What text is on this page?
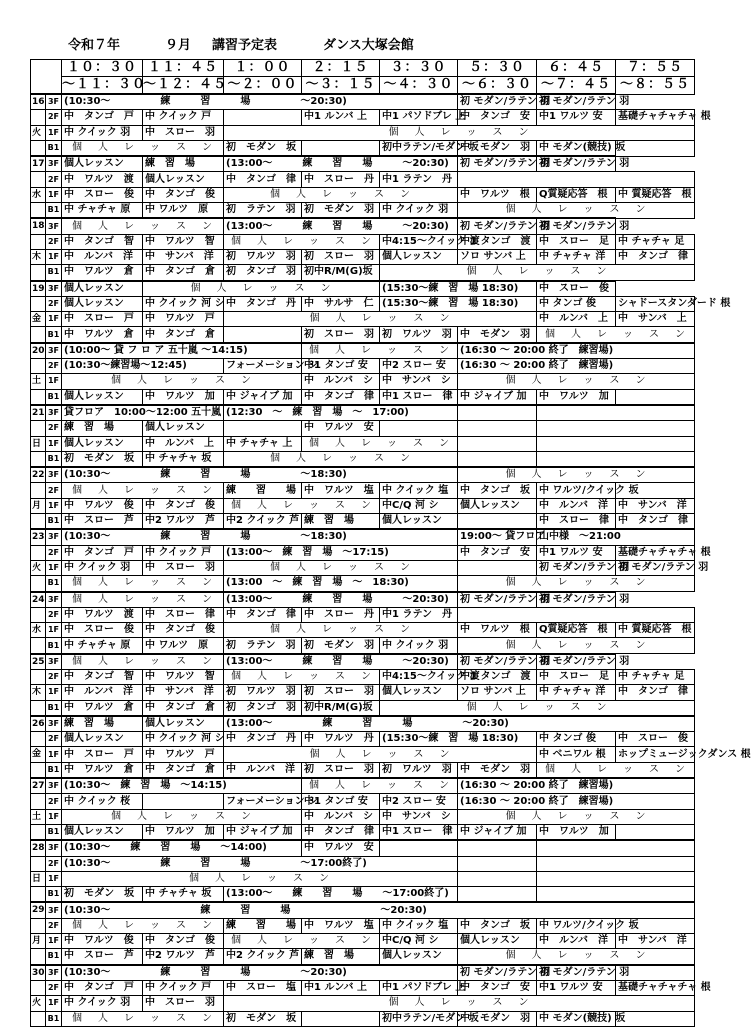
令和７年	９月 講習予定表	ダンス大塚会館
		１０：３０	１１：４５	１：００	２：１５	３：３０	５：３０	６：４５	７：５５
		～１１：３０	～１２：４５	～２：００	～３：１５	～４：３０	～６：３０	～７：４５	～８：５５
16	3F	(10:30～　　　　　練　　　習　　　場　　　　　～20:30)					初 モダン/ラテン 羽	初 モダン/ラテン 羽	
	2F	中　タンゴ　戸	中 クイック 戸		中1 ルンバ 上	中1 パソドブレ 上	中　タンゴ　安	中1 ワルツ 安	基礎チャチャチャ 根
火	1F	中 クイック 羽	中　スロー　羽	個　人　レ　ッ　ス　ン					
	B1	個　人　レ　ッ　ス　ン		初　モダン　坂		初中ラテン/モダン 坂	中　モダン　羽	中 モダン(競技) 坂	
17	3F	個人レッスン	練　習　場	(13:00～　　　練　　習　　場　　　～20:30)			初 モダン/ラテン 羽	初 モダン/ラテン 羽	
	2F	中　ワルツ　渡	個人レッスン	中　タンゴ　律	中　スロー　丹	中1 ラテン　丹			
水	1F	中　スロー　俊	中　タンゴ　俊	個　人　レ　ッ　ス　ン			中　ワルツ　根	Q質疑応答　根	中 質疑応答　根
	B1	中 チャチャ 原	中 ワルツ　原	初　ラテン　羽	初　モダン　羽	中 クイック 羽	個　人　レ　ッ　ス　ン		
18	3F	個　人　レ　ッ　ス　ン		(13:00～　　　練　　習　　場　　　～20:30)			初 モダン/ラテン 羽	初 モダン/ラテン 羽	
	2F	中　タンゴ　智	中　ワルツ　智	個　人　レ　ッ　ス　ン		中4:15～クイック 渡	中1 タンゴ　渡	中　スロー　足	中 チャチャ 足
木	1F	中　ルンバ　洋	中　サンバ　洋	初　ワルツ　羽	初　スロー　羽	個人レッスン	ソロ サンバ 上	中 チャチャ 洋	中　タンゴ　律
	B1	中　ワルツ　倉	中　タンゴ　倉	初　タンゴ　羽	初中R/M(G)坂	個　人　レ　ッ　ス　ン			
19	3F	個人レッスン	個　人　レ　ッ　ス　ン			(15:30～練　習　場 18:30)		中　スロー　俊	
	2F	個人レッスン	中 クイック 河 シ	中　タンゴ　丹	中　サルサ　仁	(15:30～練　習　場 18:30)		中 タンゴ 俊	シャドースタンダード 根
金	1F	中　スロー　戸	中　ワルツ　戸	個　人　レ　ッ　ス　ン				中　ルンバ　上	中　サンバ　上
	B1	中　ワルツ　倉	中　タンゴ　倉		初　スロー　羽	初　ワルツ　羽	中　モダン　羽	個　人　レ　ッ　ス　ン	
20	3F	(10:00～ 貸 フ ロ ア 五十嵐 ～14:15)			個　人　レ　ッ　ス　ン		(16:30 ～ 20:00 終了　練習場)		
	2F	(10:30～練習場～12:45)		フォーメーション シ	中1 タンゴ 安	中2 スロー 安	(16:30 ～ 20:00 終了　練習場)		
土	1F	個　人　レ　ッ　ス　ン			中　ルンバ　シ	中　サンバ　シ	個　人　レ　ッ　ス　ン		
	B1	個人レッスン	中　ワルツ　加	中 ジャイブ 加	中　タンゴ　律	中1 スロー　律	中 ジャイブ 加	中　ワルツ　加	
21	3F	貸フロア　10:00～12:00 五十嵐		(12:30　～　練　習　場　～　17:00)					
	2F	練　習　場	個人レッスン		中　ワルツ　安				
日	1F	個人レッスン	中　ルンバ　上	中 チャチャ 上	個　人　レ　ッ　ス　ン				
	B1	初　モダン　坂	中 チャチャ 坂	個　人　レ　ッ　ス　ン					
22	3F	(10:30～　　　　　練　　　習　　　場　　　　　～18:30)					個　人　レ　ッ　ス　ン		
	2F	個　人　レ　ッ　ス　ン		練　　習　　場	中　ワルツ　塩	中 クイック 塩	中　タンゴ　坂	中 ワルツ/クイック 坂	
月	1F	中　ワルツ　俊	中　タンゴ　俊	個　人　レ　ッ　ス　ン		中C/Q 河 シ	個人レッスン	中　ルンバ　洋	中　サンバ　洋
	B1	中　スロー　芦	中2 ワルツ　芦	中2 クイック 芦	練　習　場	個人レッスン		中　スロー　律	中　タンゴ　律
23	3F	(10:30～　　　　　練　　　習　　　場　　　　　～18:30)					19:00～ 貸フロア	山中様　～21:00	
	2F	中　タンゴ　戸	中 クイック 戸	(13:00～　練　習　場　～17:15)			中　タンゴ　安	中1 ワルツ 安	基礎チャチャチャ 根
火	1F	中 クイック 羽	中　スロー　羽	個　人　レ　ッ　ス　ン				初 モダン/ラテン 羽	初 モダン/ラテン 羽
	B1	個　人　レ　ッ　ス　ン		(13:00　～　練　習　場　～　18:30)			個　人　レ　ッ　ス　ン		
24	3F	個　人　レ　ッ　ス　ン		(13:00～　　　練　　習　　場　　　～20:30)			初 モダン/ラテン 羽	初 モダン/ラテン 羽	
	2F	中　ワルツ　渡	中　スロー　律	中　タンゴ　律	中　スロー　丹	中1 ラテン　丹			
水	1F	中　スロー　俊	中　タンゴ　俊	個　人　レ　ッ　ス　ン			中　ワルツ　根	Q質疑応答　根	中 質疑応答　根
	B1	中 チャチャ 原	中 ワルツ　原	初　ラテン　羽	初　モダン　羽	中 クイック 羽	個　人　レ　ッ　ス　ン		
25	3F	個　人　レ　ッ　ス　ン		(13:00～　　　練　　習　　場　　　～20:30)			初 モダン/ラテン 羽	初 モダン/ラテン 羽	
	2F	中　タンゴ　智	中　ワルツ　智	個　人　レ　ッ　ス　ン		中4:15～クイック 渡	中1 タンゴ　渡	中　スロー　足	中 チャチャ 足
木	1F	中　ルンバ　洋	中　サンバ　洋	初　ワルツ　羽	初　スロー　羽	個人レッスン	ソロ サンバ 上	中 チャチャ 洋	中　タンゴ　律
	B1	中　ワルツ　倉	中　タンゴ　倉	初　タンゴ　羽	初中R/M(G)坂	個　人　レ　ッ　ス　ン			
26	3F	練　習　場	個人レッスン	(13:00～　　　　　練　　　習　　　場　　　　　～20:30)					
	2F	個人レッスン	中 クイック 河 シ	中　タンゴ　丹	中　ワルツ　丹	(15:30～練　習　場 18:30)		中 タンゴ 俊	中　スロー　俊
金	1F	中　スロー　戸	中　ワルツ　戸	個　人　レ　ッ　ス　ン				中 ベニワル 根	ホップミュージックダンス 根
	B1	中　ワルツ　倉	中　タンゴ　倉	中　ルンバ　洋	初　スロー　羽	初　ワルツ　羽	中　モダン　羽	個　人　レ　ッ　ス　ン	
27	3F	(10:30～　練　習　場　～14:15)			個　人　レ　ッ　ス　ン		(16:30 ～ 20:00 終了　練習場)		
	2F	中 クイック 桜		フォーメーション シ	中1 タンゴ 安	中2 スロー 安	(16:30 ～ 20:00 終了　練習場)		
土	1F	個　人　レ　ッ　ス　ン			中　ルンバ　シ	中　サンバ　シ	個　人　レ　ッ　ス　ン		
	B1	個人レッスン	中　ワルツ　加	中 ジャイブ 加	中　タンゴ　律	中1 スロー　律	中 ジャイブ 加	中　ワルツ　加	
28	3F	(10:30～　　練　　習　　場　　～14:00)			中　ワルツ　安				
	2F	(10:30～　　　　　練　　　習　　　場　　　　　～17:00終了)							
日	1F	個　人　レ　ッ　ス　ン							
	B1	初　モダン　坂	中 チャチャ 坂	(13:00～　　練　　習　　場　　～17:00終了)					
29	3F	(10:30～　　　　　　　　　練　　　習　　　場　　　　　　　　　～20:30)							
	2F	個　人　レ　ッ　ス　ン		練　　習　　場	中　ワルツ　塩	中 クイック 塩	中　タンゴ　坂	中 ワルツ/クイック 坂	
月	1F	中　ワルツ　俊	中　タンゴ　俊	個　人　レ　ッ　ス　ン		中C/Q 河 シ	個人レッスン	中　ルンバ　洋	中　サンバ　洋
	B1	中　スロー　芦	中2 ワルツ　芦	中2 クイック 芦	練　習　場	個人レッスン	個　人　レ　ッ　ス　ン		
30	3F	(10:30～　　　　　練　　　習　　　場　　　　　～20:30)					初 モダン/ラテン 羽	初 モダン/ラテン 羽	
	2F	中　タンゴ　戸	中 クイック 戸	中　スロー　塩	中1 ルンバ 上	中1 パソドブレ 上	中　タンゴ　安	中1 ワルツ 安	基礎チャチャチャ 根
火	1F	中 クイック 羽	中　スロー　羽	個　人　レ　ッ　ス　ン					
	B1	個　人　レ　ッ　ス　ン		初　モダン　坂		初中ラテン/モダン 坂	中　モダン　羽	中 モダン(競技) 坂	
